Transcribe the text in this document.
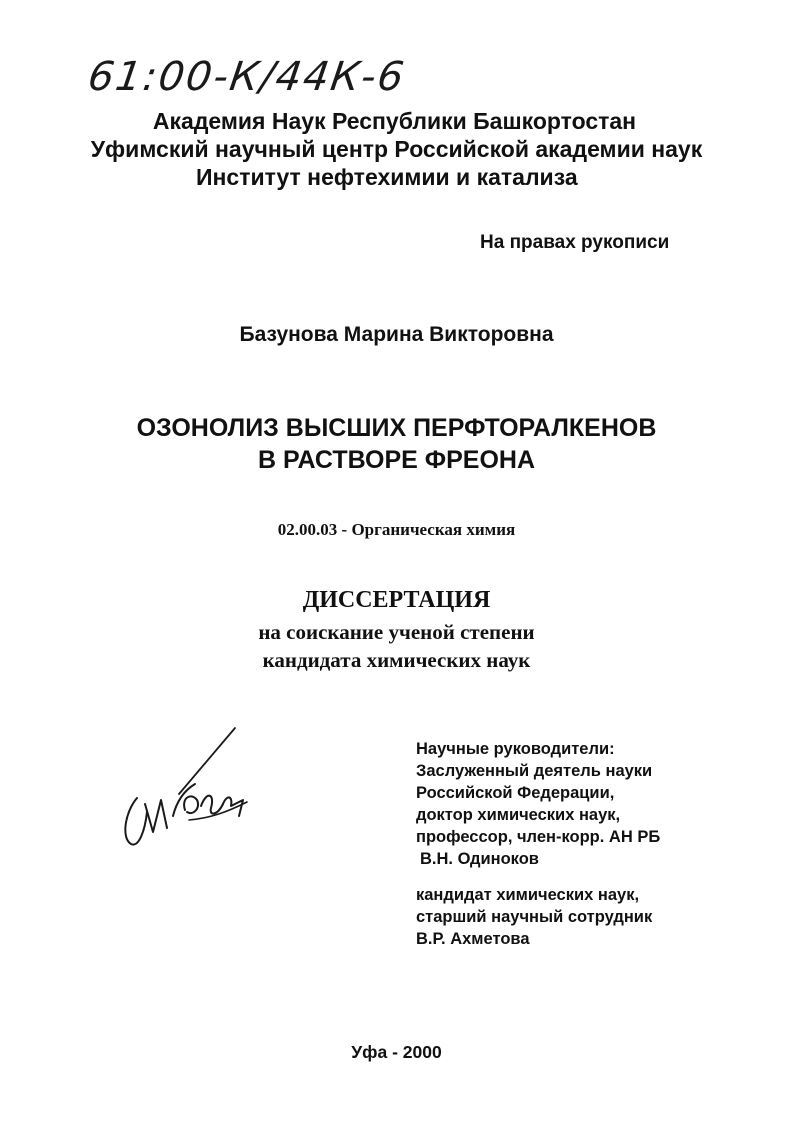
61:00-К/44К-6
Академия Наук Республики Башкортостан
Уфимский научный центр Российской академии наук
Институт нефтехимии и катализа
На правах рукописи
Базунова Марина Викторовна
ОЗОНОЛИЗ ВЫСШИХ ПЕРФТОРАЛКЕНОВ
В РАСТВОРЕ ФРЕОНА
02.00.03 - Органическая химия
ДИССЕРТАЦИЯ
на соискание ученой степени
кандидата химических наук
Научные руководители:
Заслуженный деятель науки
Российской Федерации,
доктор химических наук,
профессор, член-корр. АН РБ
В.Н. Одиноков
кандидат химических наук,
старший научный сотрудник
В.Р. Ахметова
Уфа - 2000
